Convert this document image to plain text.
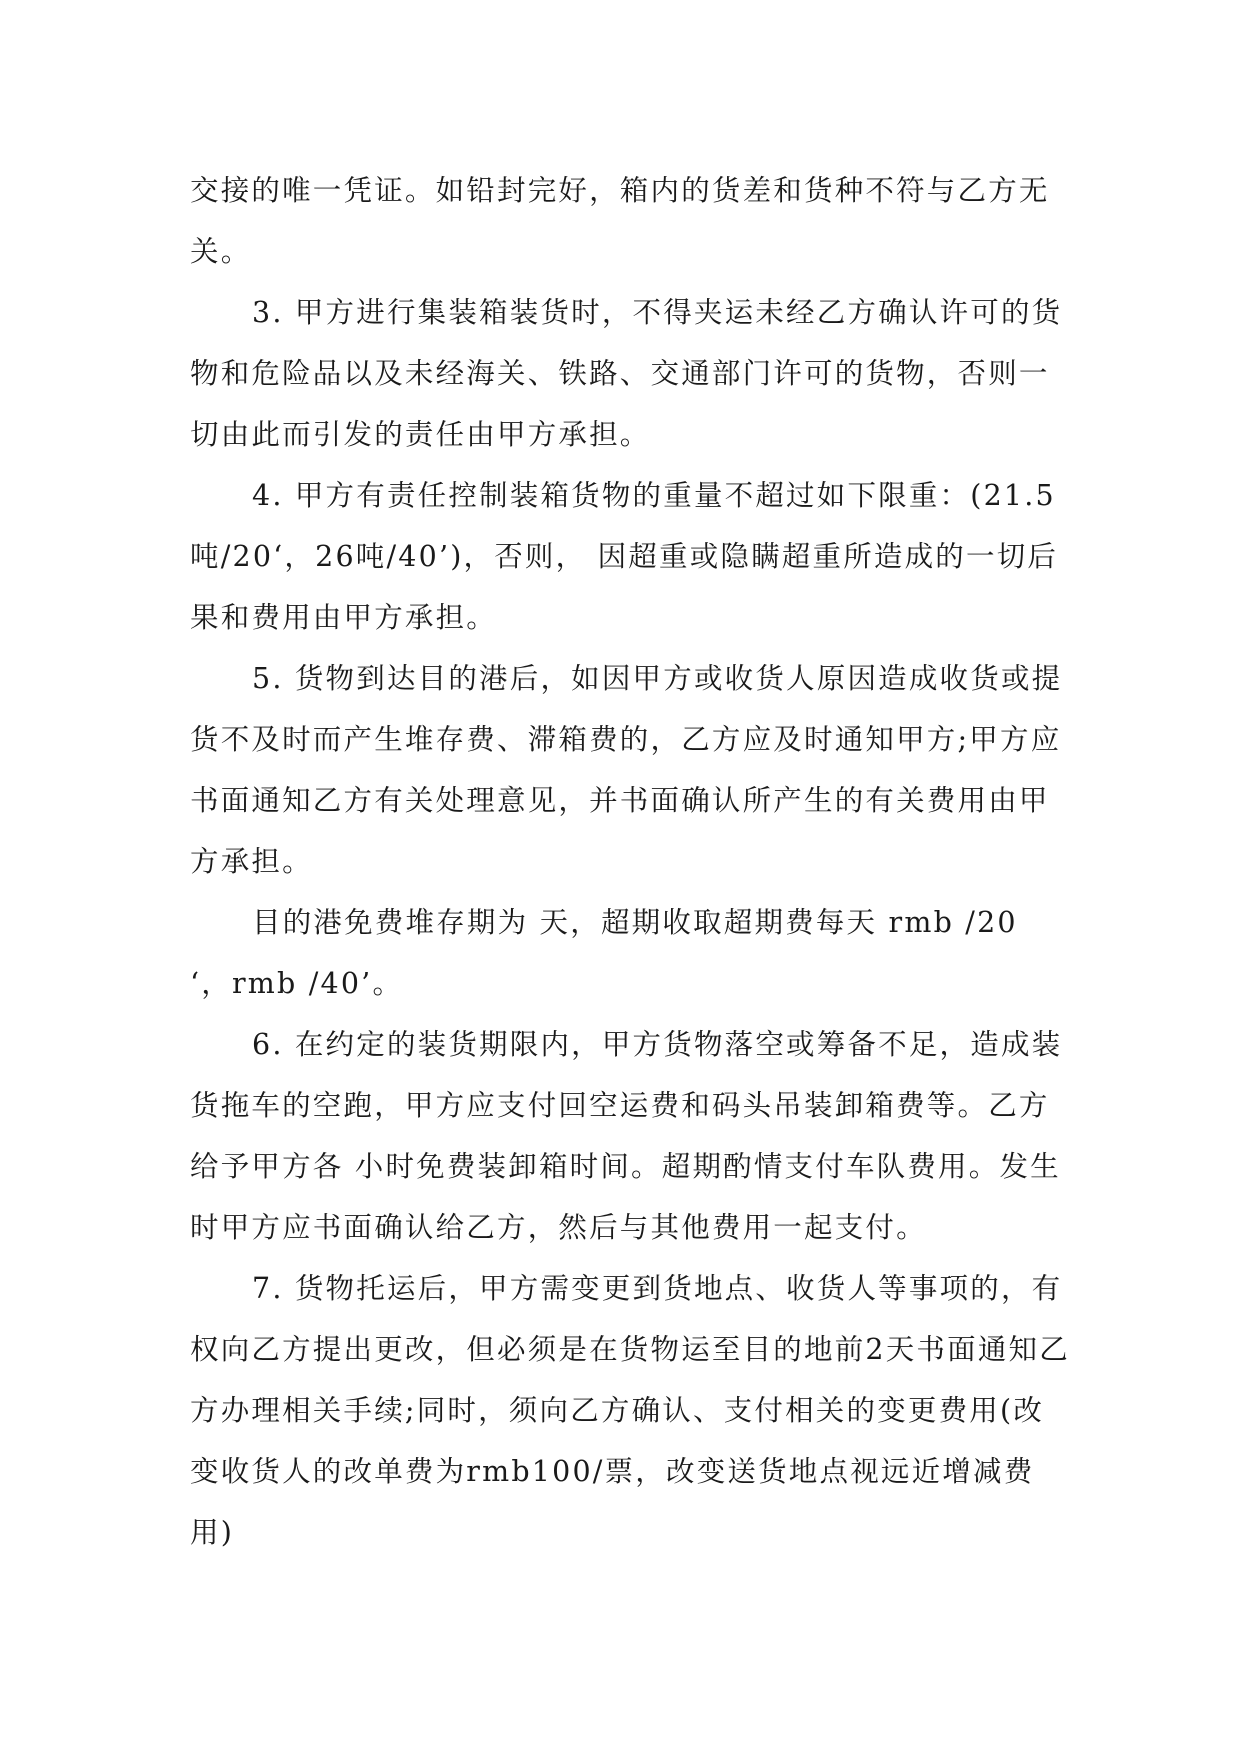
交接的唯一凭证。如铅封完好，箱内的货差和货种不符与乙方无关。

3. 甲方进行集装箱装货时，不得夹运未经乙方确认许可的货物和危险品以及未经海关、铁路、交通部门许可的货物，否则一切由此而引发的责任由甲方承担。

4. 甲方有责任控制装箱货物的重量不超过如下限重：(21.5吨/20‘，26吨/40’)，否则， 因超重或隐瞒超重所造成的一切后果和费用由甲方承担。

5. 货物到达目的港后，如因甲方或收货人原因造成收货或提货不及时而产生堆存费、滞箱费的，乙方应及时通知甲方;甲方应书面通知乙方有关处理意见，并书面确认所产生的有关费用由甲方承担。

目的港免费堆存期为 天，超期收取超期费每天 rmb /20 ‘，rmb /40’。

6. 在约定的装货期限内，甲方货物落空或筹备不足，造成装货拖车的空跑，甲方应支付回空运费和码头吊装卸箱费等。乙方给予甲方各 小时免费装卸箱时间。超期酌情支付车队费用。发生时甲方应书面确认给乙方，然后与其他费用一起支付。

7. 货物托运后，甲方需变更到货地点、收货人等事项的，有权向乙方提出更改，但必须是在货物运至目的地前2天书面通知乙方办理相关手续;同时，须向乙方确认、支付相关的变更费用(改变收货人的改单费为rmb100/票，改变送货地点视远近增减费用)
